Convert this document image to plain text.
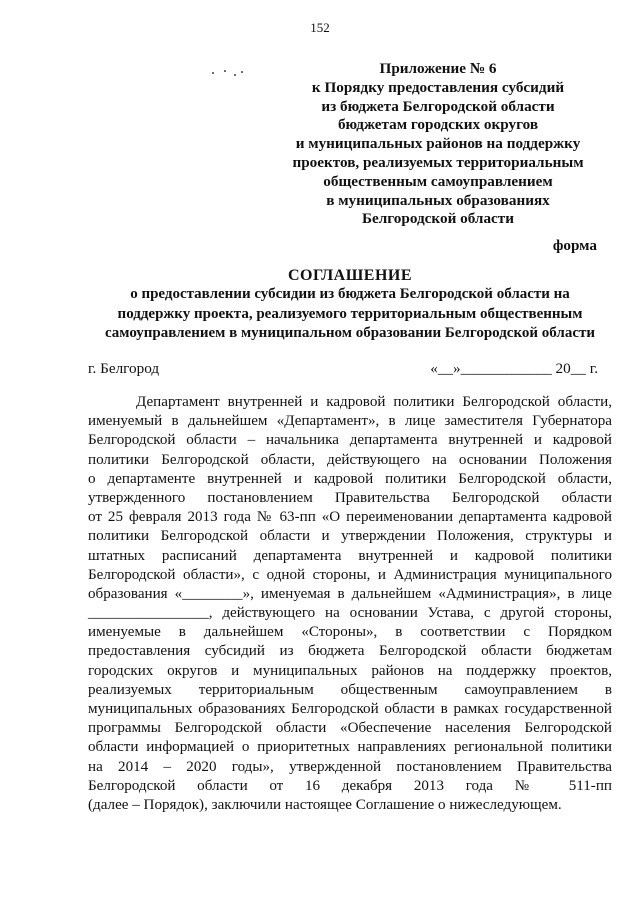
152
Приложение № 6
к Порядку предоставления субсидий
из бюджета Белгородской области
бюджетам городских округов
и муниципальных районов на поддержку
проектов, реализуемых территориальным
общественным самоуправлением
в муниципальных образованиях
Белгородской области
форма
СОГЛАШЕНИЕ
о предоставлении субсидии из бюджета Белгородской области на
поддержку проекта, реализуемого территориальным общественным
самоуправлением в муниципальном образовании Белгородской области
г. Белгород	«__»____________ 20__ г.
Департамент внутренней и кадровой политики Белгородской области,
именуемый в дальнейшем «Департамент», в лице заместителя Губернатора
Белгородской области – начальника департамента внутренней и кадровой
политики Белгородской области, действующего на основании Положения
о департаменте внутренней и кадровой политики Белгородской области,
утвержденного постановлением Правительства Белгородской области
от 25 февраля 2013 года № 63-пп «О переименовании департамента кадровой
политики Белгородской области и утверждении Положения, структуры и
штатных расписаний департамента внутренней и кадровой политики
Белгородской области», с одной стороны, и Администрация муниципального
образования «________», именуемая в дальнейшем «Администрация», в лице
________________, действующего на основании Устава, с другой стороны,
именуемые в дальнейшем «Стороны», в соответствии с Порядком
предоставления субсидий из бюджета Белгородской области бюджетам
городских округов и муниципальных районов на поддержку проектов,
реализуемых территориальным общественным самоуправлением в
муниципальных образованиях Белгородской области в рамках государственной
программы Белгородской области «Обеспечение населения Белгородской
области информацией о приоритетных направлениях региональной политики
на 2014 – 2020 годы», утвержденной постановлением Правительства
Белгородской области от 16 декабря 2013 года № 511-пп
(далее – Порядок), заключили настоящее Соглашение о нижеследующем.
